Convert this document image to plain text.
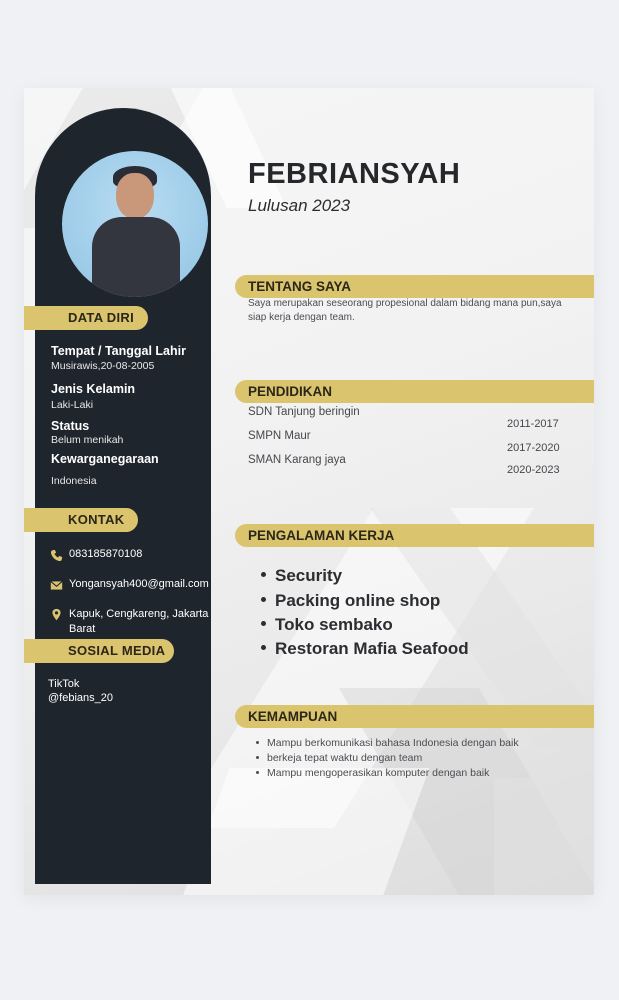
DATA DIRI
Tempat / Tanggal Lahir
Musirawis,20-08-2005
Jenis Kelamin
Laki-Laki
Status
Belum menikah
Kewarganegaraan
Indonesia
KONTAK
083185870108
Yongansyah400@gmail.com
Kapuk, Cengkareng, Jakarta Barat
SOSIAL MEDIA
TikTok
@febians_20
FEBRIANSYAH
Lulusan 2023
TENTANG SAYA
Saya merupakan seseorang propesional dalam bidang mana pun,saya siap kerja dengan team.
PENDIDIKAN
SDN Tanjung beringin
SMPN Maur
SMAN Karang jaya
2011-2017
2017-2020
2020-2023
PENGALAMAN KERJA
Security
Packing online shop
Toko sembako
Restoran Mafia Seafood
KEMAMPUAN
Mampu berkomunikasi bahasa Indonesia dengan baik
berkeja tepat waktu dengan team
Mampu mengoperasikan komputer dengan baik
